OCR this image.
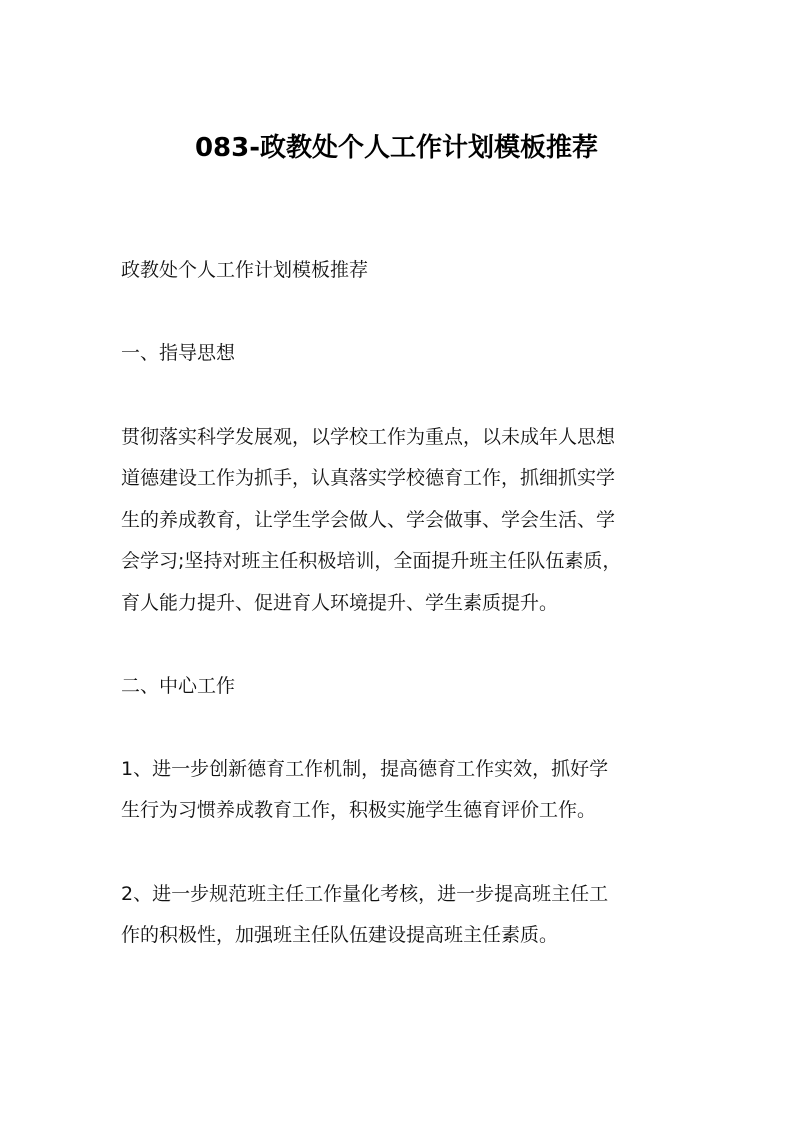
083-政教处个人工作计划模板推荐
政教处个人工作计划模板推荐
一、指导思想
贯彻落实科学发展观，以学校工作为重点，以未成年人思想
道德建设工作为抓手，认真落实学校德育工作，抓细抓实学
生的养成教育，让学生学会做人、学会做事、学会生活、学
会学习;坚持对班主任积极培训，全面提升班主任队伍素质，
育人能力提升、促进育人环境提升、学生素质提升。
二、中心工作
1、进一步创新德育工作机制，提高德育工作实效，抓好学
生行为习惯养成教育工作，积极实施学生德育评价工作。
2、进一步规范班主任工作量化考核，进一步提高班主任工
作的积极性，加强班主任队伍建设提高班主任素质。
